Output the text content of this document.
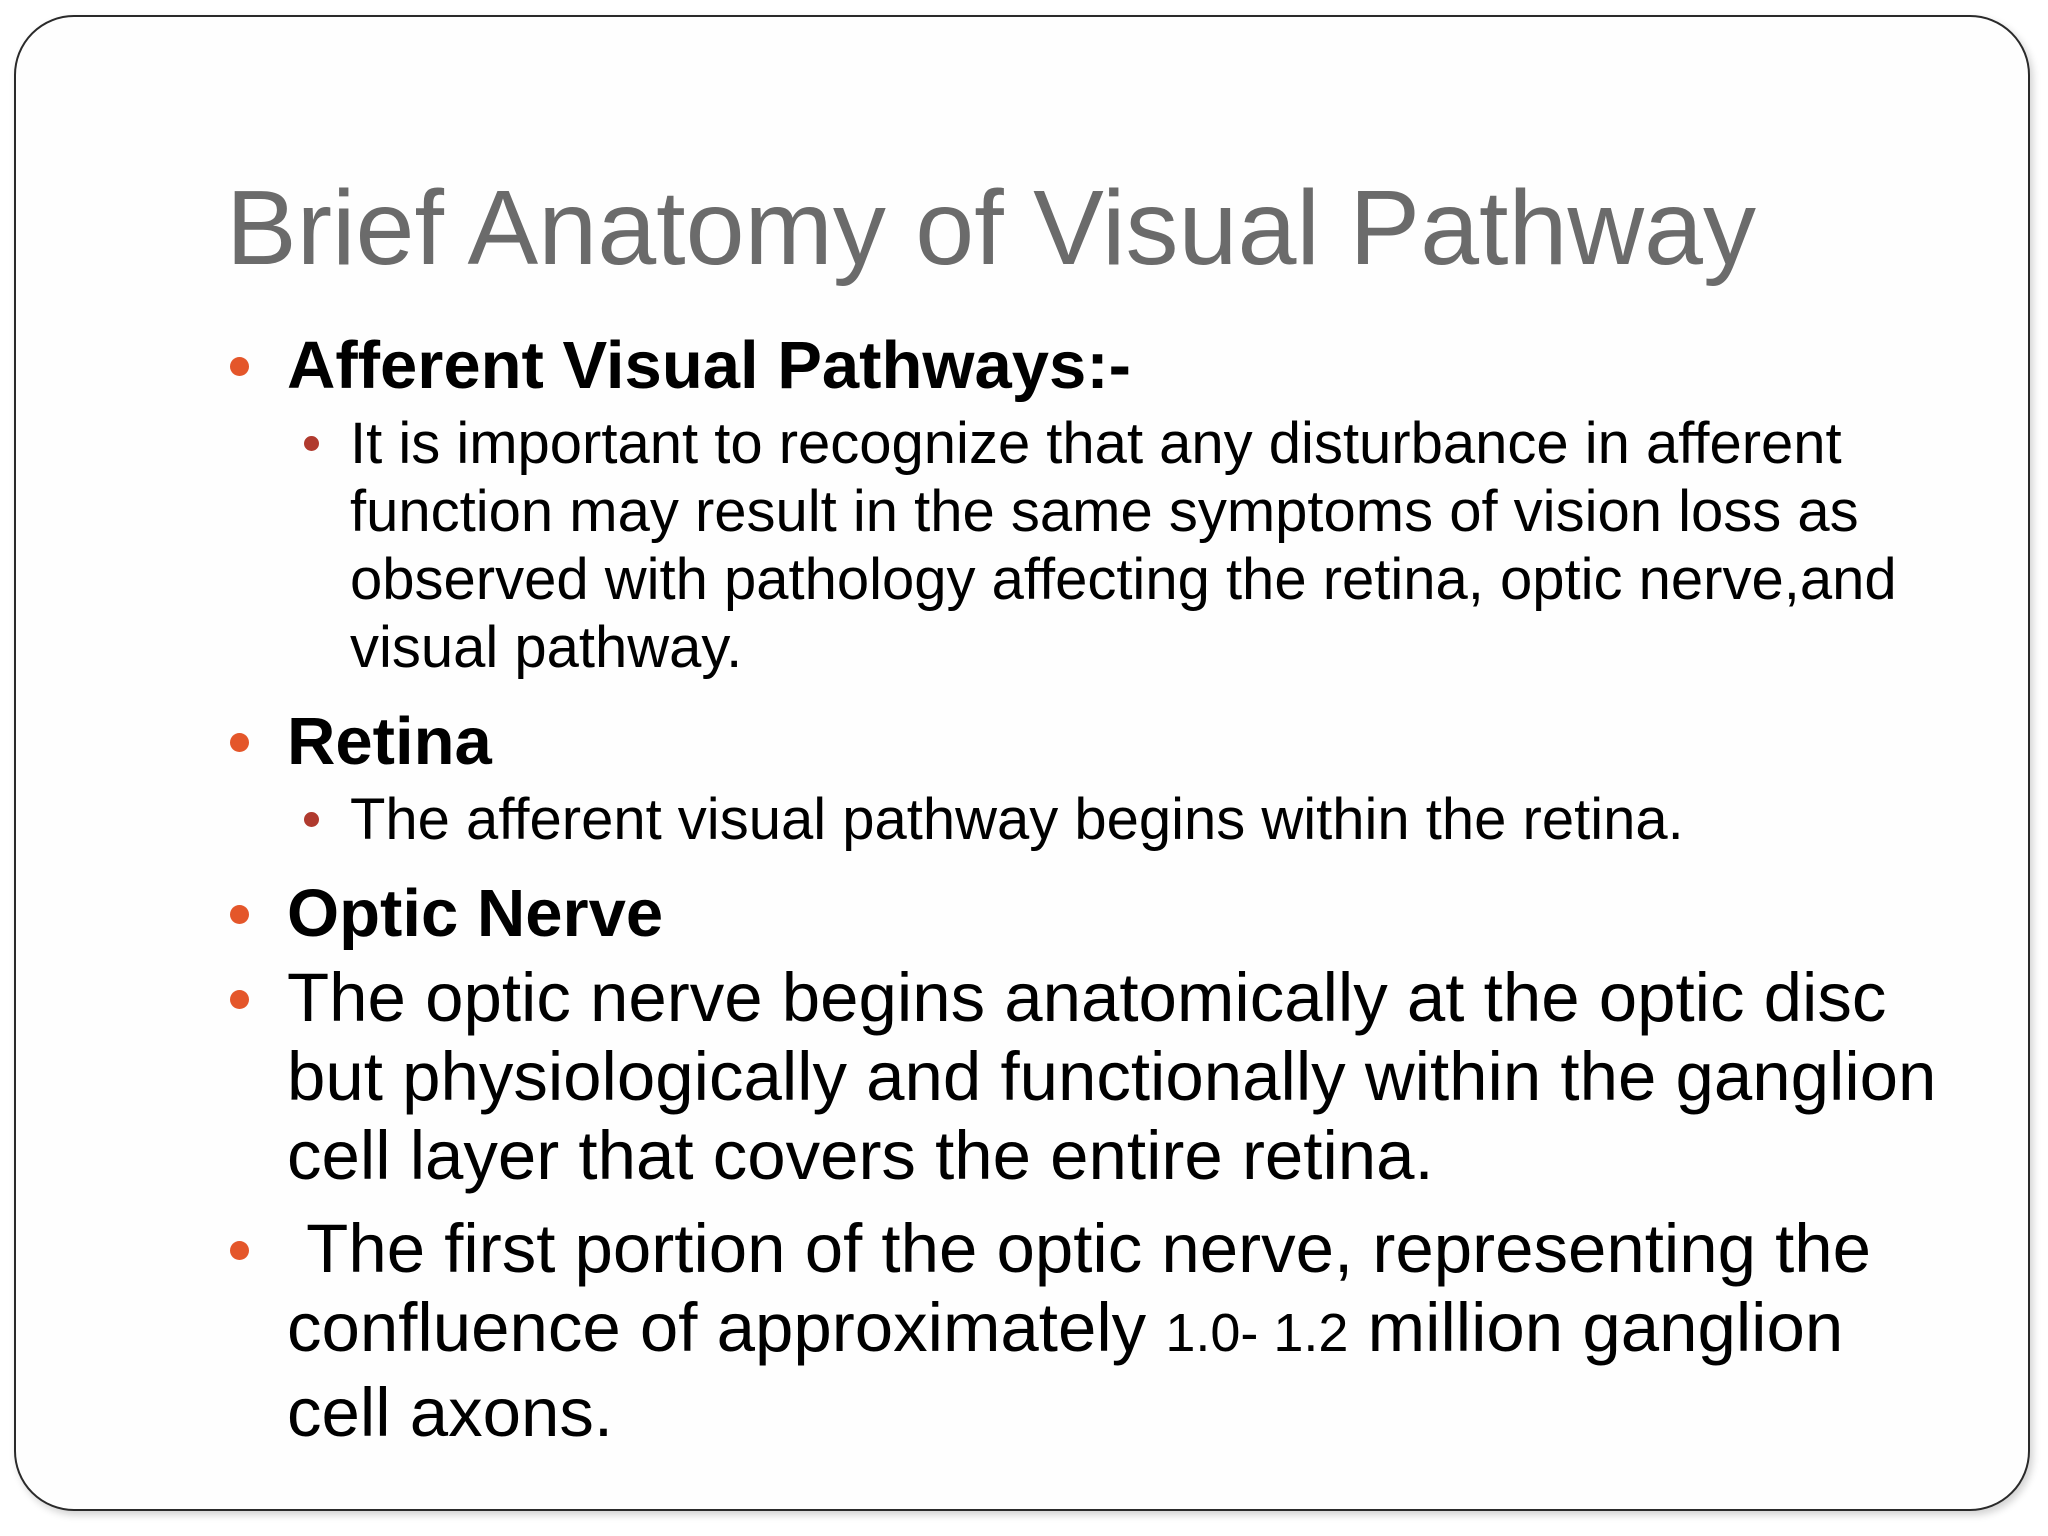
Brief Anatomy of Visual Pathway
Afferent Visual Pathways:-
It is important to recognize that any disturbance in afferent function may result in the same symptoms of vision loss as observed with pathology affecting the retina, optic nerve,and visual pathway.
Retina
The afferent visual pathway begins within the retina.
Optic Nerve
The optic nerve begins anatomically at the optic disc but physiologically and functionally within the ganglion cell layer that covers the entire retina.
The first portion of the optic nerve, representing the confluence of approximately 1.0- 1.2 million ganglion cell axons.
